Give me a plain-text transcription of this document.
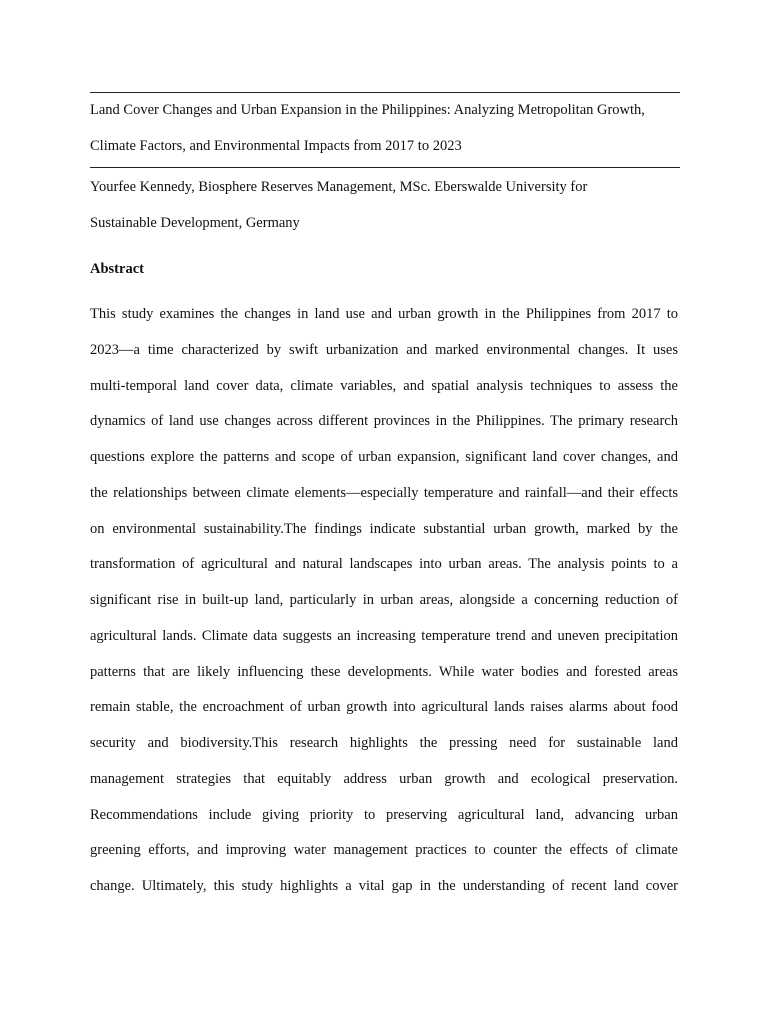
Land Cover Changes and Urban Expansion in the Philippines: Analyzing Metropolitan Growth,
Climate Factors, and Environmental Impacts from 2017 to 2023
Yourfee Kennedy, Biosphere Reserves Management, MSc. Eberswalde University for
Sustainable Development, Germany
Abstract
This study examines the changes in land use and urban growth in the Philippines from 2017 to
2023—a time characterized by swift urbanization and marked environmental changes. It uses
multi-temporal land cover data, climate variables, and spatial analysis techniques to assess the
dynamics of land use changes across different provinces in the Philippines. The primary research
questions explore the patterns and scope of urban expansion, significant land cover changes, and
the relationships between climate elements—especially temperature and rainfall—and their effects
on environmental sustainability.The findings indicate substantial urban growth, marked by the
transformation of agricultural and natural landscapes into urban areas. The analysis points to a
significant rise in built-up land, particularly in urban areas, alongside a concerning reduction of
agricultural lands. Climate data suggests an increasing temperature trend and uneven precipitation
patterns that are likely influencing these developments. While water bodies and forested areas
remain stable, the encroachment of urban growth into agricultural lands raises alarms about food
security and biodiversity.This research highlights the pressing need for sustainable land
management strategies that equitably address urban growth and ecological preservation.
Recommendations include giving priority to preserving agricultural land, advancing urban
greening efforts, and improving water management practices to counter the effects of climate
change. Ultimately, this study highlights a vital gap in the understanding of recent land cover
